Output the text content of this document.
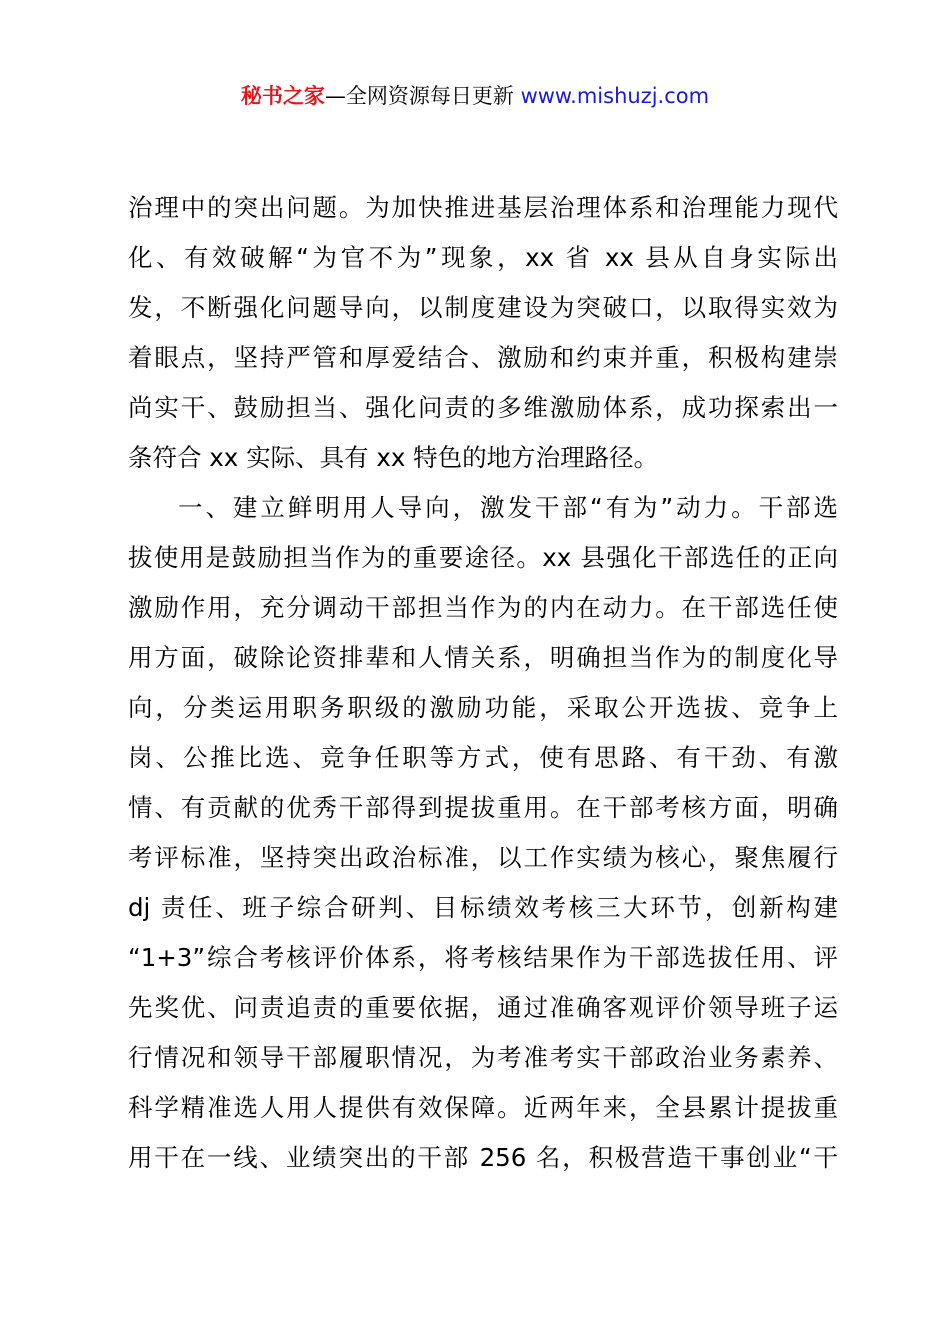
秘书之家—全网资源每日更新 www.mishuzj.com
治理中的突出问题。为加快推进基层治理体系和治理能力现代
化、有效破解“为官不为”现象，xx 省 xx 县从自身实际出
发，不断强化问题导向，以制度建设为突破口，以取得实效为
着眼点，坚持严管和厚爱结合、激励和约束并重，积极构建崇
尚实干、鼓励担当、强化问责的多维激励体系，成功探索出一
条符合 xx 实际、具有 xx 特色的地方治理路径。
一、建立鲜明用人导向，激发干部“有为”动力。干部选
拔使用是鼓励担当作为的重要途径。xx 县强化干部选任的正向
激励作用，充分调动干部担当作为的内在动力。在干部选任使
用方面，破除论资排辈和人情关系，明确担当作为的制度化导
向，分类运用职务职级的激励功能，采取公开选拔、竞争上
岗、公推比选、竞争任职等方式，使有思路、有干劲、有激
情、有贡献的优秀干部得到提拔重用。在干部考核方面，明确
考评标准，坚持突出政治标准，以工作实绩为核心，聚焦履行
dj 责任、班子综合研判、目标绩效考核三大环节，创新构建
“1+3”综合考核评价体系，将考核结果作为干部选拔任用、评
先奖优、问责追责的重要依据，通过准确客观评价领导班子运
行情况和领导干部履职情况，为考准考实干部政治业务素养、
科学精准选人用人提供有效保障。近两年来，全县累计提拔重
用干在一线、业绩突出的干部 256 名，积极营造干事创业“干
